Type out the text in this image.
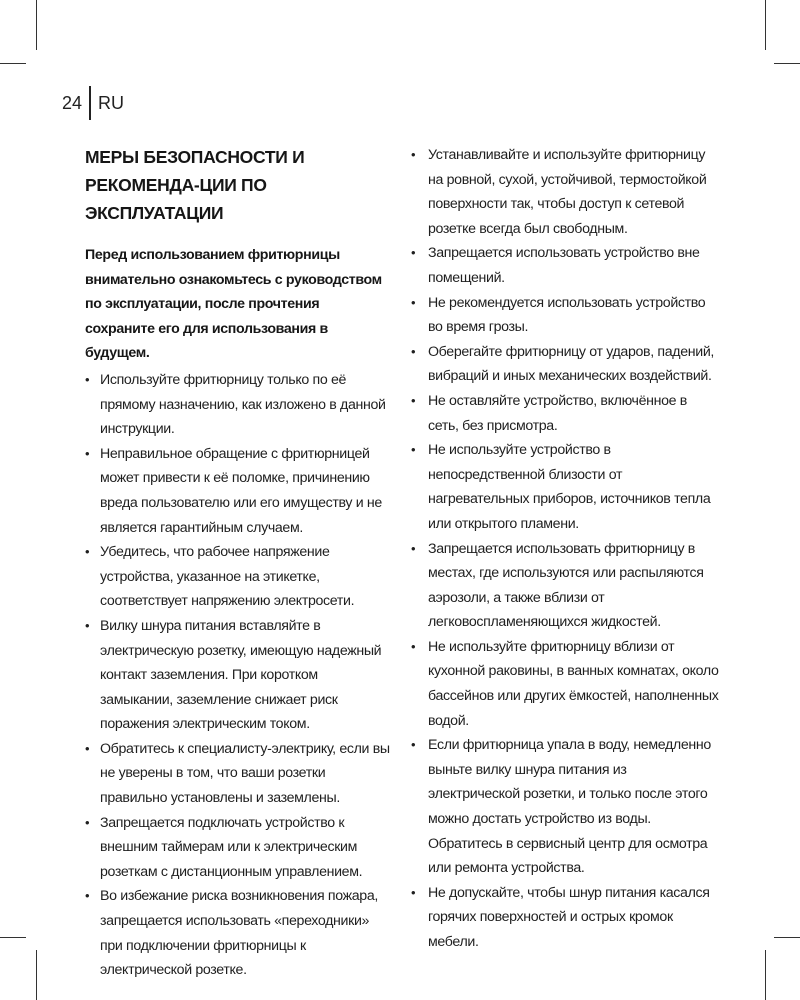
24 RU
МЕРЫ БЕЗОПАСНОСТИ И РЕКОМЕНДА-ЦИИ ПО ЭКСПЛУАТАЦИИ

Перед использованием фритюрницы внимательно ознакомьтесь с руководством по эксплуатации, после прочтения сохраните его для использования в будущем.

• Используйте фритюрницу только по её прямому назначению, как изложено в данной инструкции.
• Неправильное обращение с фритюрницей может привести к её поломке, причинению вреда пользователю или его имуществу и не является гарантийным случаем.
• Убедитесь, что рабочее напряжение устройства, указанное на этикетке, соответствует напряжению электросети.
• Вилку шнура питания вставляйте в электрическую розетку, имеющую надежный контакт заземления. При коротком замыкании, заземление снижает риск поражения электрическим током.
• Обратитесь к специалисту-электрику, если вы не уверены в том, что ваши розетки правильно установлены и заземлены.
• Запрещается подключать устройство к внешним таймерам или к электрическим розеткам с дистанционным управлением.
• Во избежание риска возникновения пожара, запрещается использовать «переходники» при подключении фритюрницы к электрической розетке.
• Устанавливайте и используйте фритюрницу на ровной, сухой, устойчивой, термостойкой поверхности так, чтобы доступ к сетевой розетке всегда был свободным.
• Запрещается использовать устройство вне помещений.
• Не рекомендуется использовать устройство во время грозы.
• Оберегайте фритюрницу от ударов, падений, вибраций и иных механических воздействий.
• Не оставляйте устройство, включённое в сеть, без присмотра.
• Не используйте устройство в непосредственной близости от нагревательных приборов, источников тепла или открытого пламени.
• Запрещается использовать фритюрницу в местах, где используются или распыляются аэрозоли, а также вблизи от легковоспламеняющихся жидкостей.
• Не используйте фритюрницу вблизи от кухонной раковины, в ванных комнатах, около бассейнов или других ёмкостей, наполненных водой.
• Если фритюрница упала в воду, немедленно выньте вилку шнура питания из электрической розетки, и только после этого можно достать устройство из воды. Обратитесь в сервисный центр для осмотра или ремонта устройства.
• Не допускайте, чтобы шнур питания касался горячих поверхностей и острых кромок мебели.
